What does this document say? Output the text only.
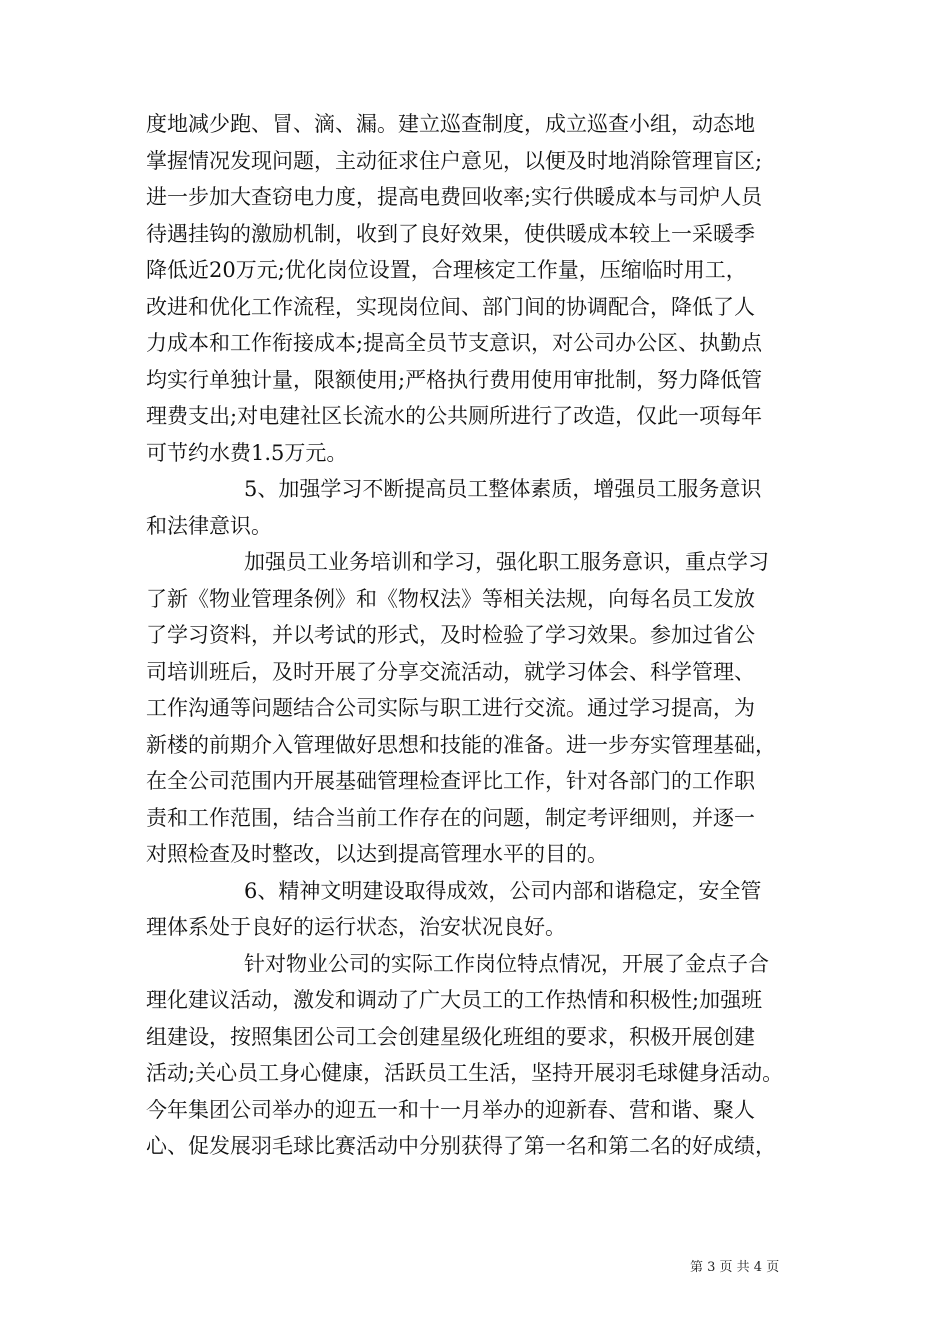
度地减少跑、冒、滴、漏。建立巡查制度，成立巡查小组，动态地
掌握情况发现问题，主动征求住户意见，以便及时地消除管理盲区;
进一步加大查窃电力度，提高电费回收率;实行供暖成本与司炉人员
待遇挂钩的激励机制，收到了良好效果，使供暖成本较上一采暖季
降低近20万元;优化岗位设置，合理核定工作量，压缩临时用工，
改进和优化工作流程，实现岗位间、部门间的协调配合，降低了人
力成本和工作衔接成本;提高全员节支意识，对公司办公区、执勤点
均实行单独计量，限额使用;严格执行费用使用审批制，努力降低管
理费支出;对电建社区长流水的公共厕所进行了改造，仅此一项每年
可节约水费1.5万元。
5、加强学习不断提高员工整体素质，增强员工服务意识
和法律意识。
加强员工业务培训和学习，强化职工服务意识，重点学习
了新《物业管理条例》和《物权法》等相关法规，向每名员工发放
了学习资料，并以考试的形式，及时检验了学习效果。参加过省公
司培训班后，及时开展了分享交流活动，就学习体会、科学管理、
工作沟通等问题结合公司实际与职工进行交流。通过学习提高，为
新楼的前期介入管理做好思想和技能的准备。进一步夯实管理基础，
在全公司范围内开展基础管理检查评比工作，针对各部门的工作职
责和工作范围，结合当前工作存在的问题，制定考评细则，并逐一
对照检查及时整改，以达到提高管理水平的目的。
6、精神文明建设取得成效，公司内部和谐稳定，安全管
理体系处于良好的运行状态，治安状况良好。
针对物业公司的实际工作岗位特点情况，开展了金点子合
理化建议活动，激发和调动了广大员工的工作热情和积极性;加强班
组建设，按照集团公司工会创建星级化班组的要求，积极开展创建
活动;关心员工身心健康，活跃员工生活，坚持开展羽毛球健身活动。
今年集团公司举办的迎五一和十一月举办的迎新春、营和谐、聚人
心、促发展羽毛球比赛活动中分别获得了第一名和第二名的好成绩，
第 3 页 共 4 页
